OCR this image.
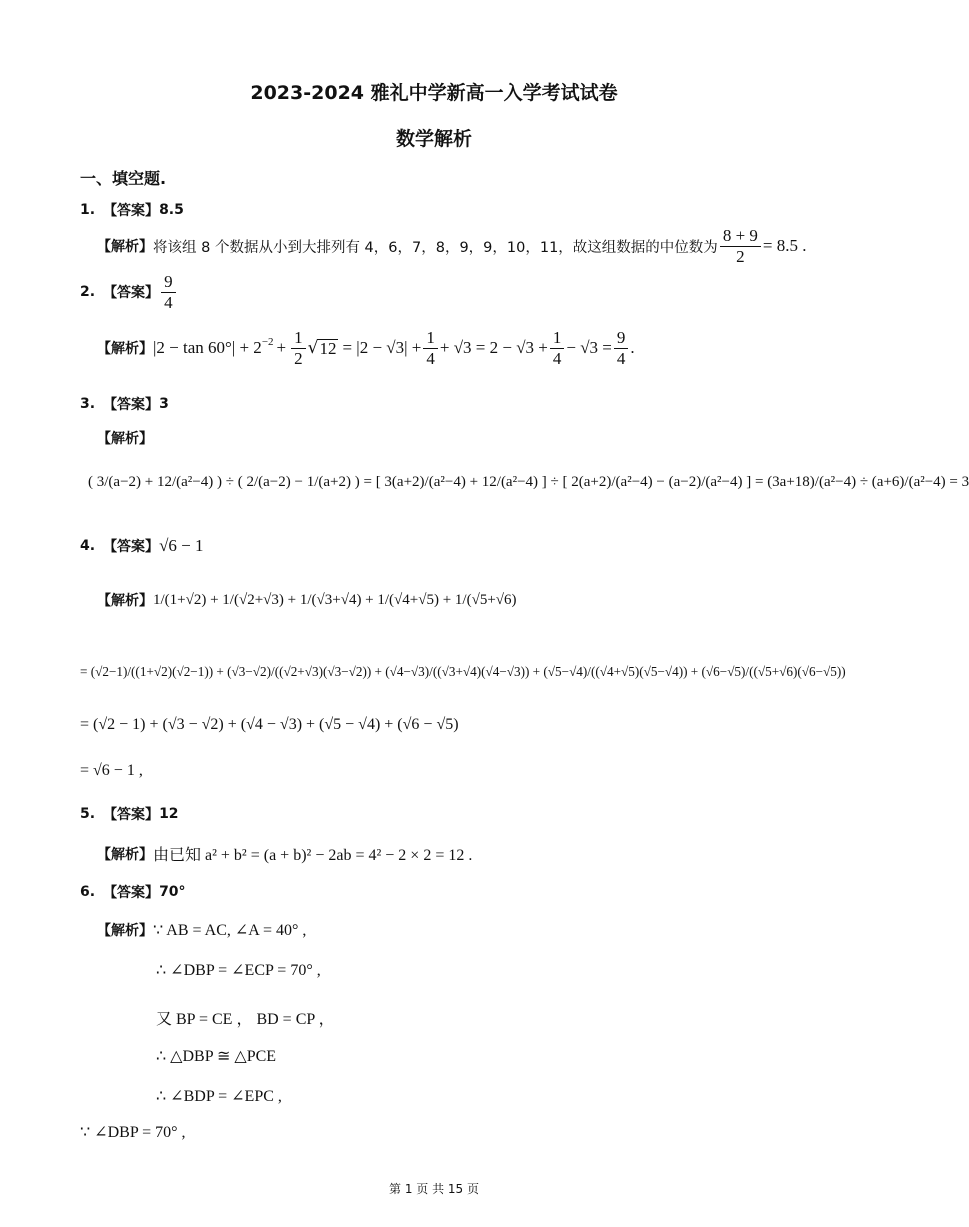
2023-2024 雅礼中学新高一入学考试试卷
数学解析
一、填空题.
1. 【答案】 8.5
【解析】 将该组 8 个数据从小到大排列有 4，6，7，8，9，9，10，11，故这组数据的中位数为 $\frac{8 + 9}{2} = 8.5$ .
2. 【答案】 $\frac{9}{4}$
【解析】 $|2 - \tan 60^\circ| + 2^{-2} + \frac{1}{2}$ √ $12 = |2 - √3| + \frac{1}{4} + √3 = 2 - √3 + \frac{1}{4} - √3 = \frac{9}{4}$ .
3. 【答案】 3
【解析】
( 3/(a−2) + 12/(a²−4) ) ÷ ( 2/(a−2) − 1/(a+2) ) = [ 3(a+2)/(a²−4) + 12/(a²−4) ] ÷ [ 2(a+2)/(a²−4) − (a−2)/(a²−4) ] = (3a+18)/(a²−4) ÷ (a+6)/(a²−4) = 3
4. 【答案】 √6 − 1
【解析】 1/(1+√2) + 1/(√2+√3) + 1/(√3+√4) + 1/(√4+√5) + 1/(√5+√6)
= (√2−1)/((1+√2)(√2−1)) + (√3−√2)/((√2+√3)(√3−√2)) + (√4−√3)/((√3+√4)(√4−√3)) + (√5−√4)/((√4+√5)(√5−√4)) + (√6−√5)/((√5+√6)(√6−√5))
= (√2 − 1) + (√3 − √2) + (√4 − √3) + (√5 − √4) + (√6 − √5)
= √6 − 1 ,
5. 【答案】 12
【解析】 由已知 a² + b² = (a + b)² − 2ab = 4² − 2 × 2 = 12 .
6. 【答案】 70°
【解析】 ∵ AB = AC, ∠A = 40° ,
∴ ∠DBP = ∠ECP = 70° ,
又 BP = CE ， BD = CP ，
∴ △DBP ≅ △PCE
∴ ∠BDP = ∠EPC ,
∵ ∠DBP = 70° ,
第 1 页 共 15 页
